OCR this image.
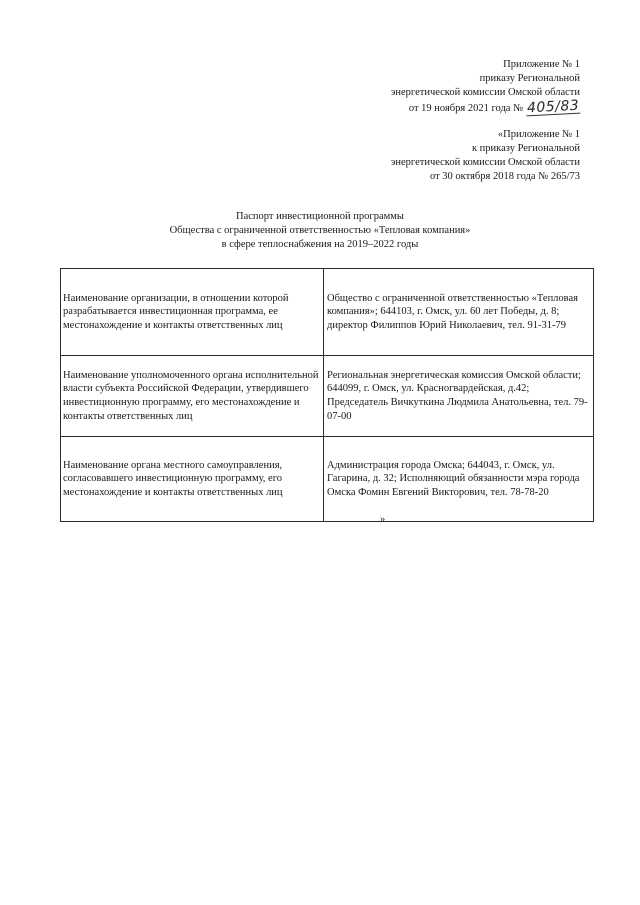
Приложение № 1
приказу Региональной
энергетической комиссии Омской области
от 19 ноября 2021 года № 405/83
«Приложение № 1
к приказу Региональной
энергетической комиссии Омской области
от 30 октября 2018 года № 265/73
Паспорт инвестиционной программы
Общества с ограниченной ответственностью «Тепловая компания»
в сфере теплоснабжения на 2019–2022 годы
Наименование организации, в отношении которой разрабатывается инвестиционная программа, ее местонахождение и контакты ответственных лиц	Общество с ограниченной ответственностью «Тепловая компания»; 644103, г. Омск, ул. 60 лет Победы, д. 8; директор Филиппов Юрий Николаевич, тел. 91-31-79
Наименование уполномоченного органа исполнительной власти субъекта Российской Федерации, утвердившего инвестиционную программу, его местонахождение и контакты ответственных лиц	Региональная энергетическая комиссия Омской области; 644099, г. Омск, ул. Красногвардейская, д.42; Председатель Вичкуткина Людмила Анатольевна, тел. 79-07-00
Наименование органа местного самоуправления, согласовавшего инвестиционную программу, его местонахождение и контакты ответственных лиц	Администрация города Омска; 644043, г. Омск, ул. Гагарина, д. 32; Исполняющий обязанности мэра города Омска Фомин Евгений Викторович, тел. 78-78-20
»
